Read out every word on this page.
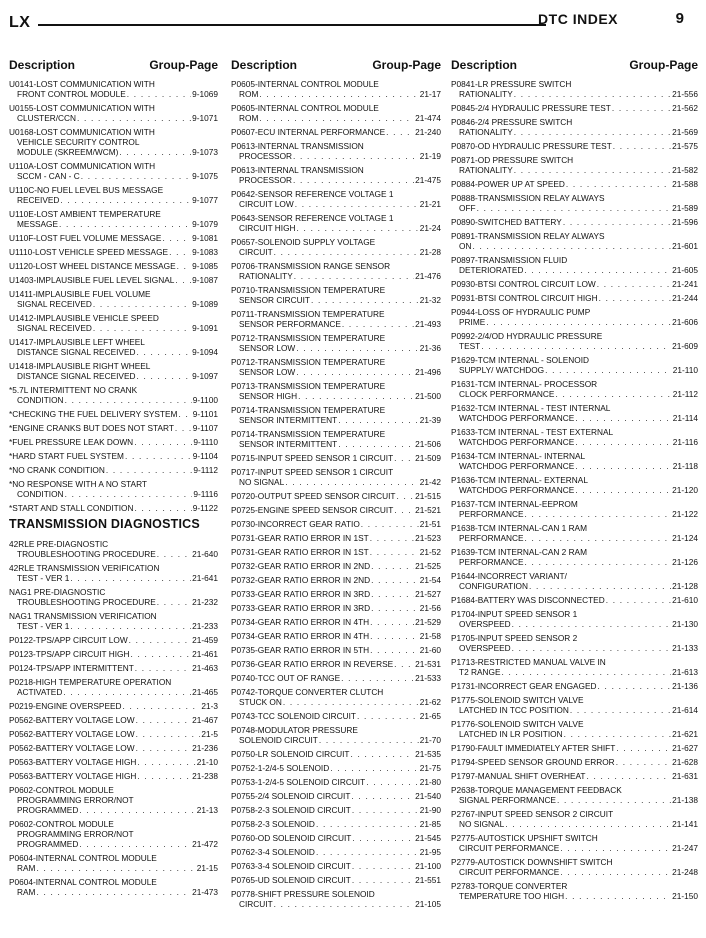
LX	DTC INDEX	9
Description	Group-Page
U0141-LOST COMMUNICATION WITH
FRONT CONTROL MODULE . . .	9-1069
U0155-LOST COMMUNICATION WITH
CLUSTER/CCN . . .	9-1071
U0168-LOST COMMUNICATION WITH
VEHICLE SECURITY CONTROL
MODULE (SKREEM/WCM) . . .	9-1073
U110A-LOST COMMUNICATION WITH
SCCM - CAN - C . . .	9-1075
U110C-NO FUEL LEVEL BUS MESSAGE
RECEIVED . . .	9-1077
U110E-LOST AMBIENT TEMPERATURE
MESSAGE . . .	9-1079
U110F-LOST FUEL VOLUME MESSAGE . . .	9-1081
U1110-LOST VEHICLE SPEED MESSAGE . . .	9-1083
U1120-LOST WHEEL DISTANCE MESSAGE . . . 9-1085
U1403-IMPLAUSIBLE FUEL LEVEL SIGNAL . . . 9-1087
U1411-IMPLAUSIBLE FUEL VOLUME
SIGNAL RECEIVED . . .	9-1089
U1412-IMPLAUSIBLE VEHICLE SPEED
SIGNAL RECEIVED . . .	9-1091
U1417-IMPLAUSIBLE LEFT WHEEL
DISTANCE SIGNAL RECEIVED . . .	9-1094
U1418-IMPLAUSIBLE RIGHT WHEEL
DISTANCE SIGNAL RECEIVED . . .	9-1097
*5.7L INTERMITTENT NO CRANK
CONDITION . . .	9-1100
*CHECKING THE FUEL DELIVERY SYSTEM . . . 9-1101
*ENGINE CRANKS BUT DOES NOT START . . . 9-1107
*FUEL PRESSURE LEAK DOWN . . .	9-1110
*HARD START FUEL SYSTEM . . .	9-1104
*NO CRANK CONDITION . . .	9-1112
*NO RESPONSE WITH A NO START
CONDITION . . .	9-1116
*START AND STALL CONDITION . . .	9-1122
TRANSMISSION DIAGNOSTICS
42RLE PRE-DIAGNOSTIC
TROUBLESHOOTING PROCEDURE . . .	21-640
42RLE TRANSMISSION VERIFICATION
TEST - VER 1 . . .	21-641
NAG1 PRE-DIAGNOSTIC
TROUBLESHOOTING PROCEDURE . . .	21-232
NAG1 TRANSMISSION VERIFICATION
TEST - VER 1 . . .	21-233
P0122-TPS/APP CIRCUIT LOW . . .	21-459
P0123-TPS/APP CIRCUIT HIGH . . .	21-461
P0124-TPS/APP INTERMITTENT . . .	21-463
P0218-HIGH TEMPERATURE OPERATION
ACTIVATED . . .	21-465
P0219-ENGINE OVERSPEED . . .	21-3
P0562-BATTERY VOLTAGE LOW . . .	21-467
P0562-BATTERY VOLTAGE LOW . . .	21-5
P0562-BATTERY VOLTAGE LOW . . .	21-236
P0563-BATTERY VOLTAGE HIGH . . .	21-10
P0563-BATTERY VOLTAGE HIGH . . .	21-238
P0602-CONTROL MODULE
PROGRAMMING ERROR/NOT
PROGRAMMED . . .	21-13
P0602-CONTROL MODULE
PROGRAMMING ERROR/NOT
PROGRAMMED . . .	21-472
P0604-INTERNAL CONTROL MODULE
RAM . . .	21-15
P0604-INTERNAL CONTROL MODULE
RAM . . .	21-473
Description	Group-Page
P0605-INTERNAL CONTROL MODULE
ROM . . .	21-17
P0605-INTERNAL CONTROL MODULE
ROM . . .	21-474
P0607-ECU INTERNAL PERFORMANCE . . .	21-240
P0613-INTERNAL TRANSMISSION
PROCESSOR . . .	21-19
P0613-INTERNAL TRANSMISSION
PROCESSOR . . .	21-475
P0642-SENSOR REFERENCE VOLTAGE 1
CIRCUIT LOW . . .	21-21
P0643-SENSOR REFERENCE VOLTAGE 1
CIRCUIT HIGH . . .	21-24
P0657-SOLENOID SUPPLY VOLTAGE
CIRCUIT . . .	21-28
P0706-TRANSMISSION RANGE SENSOR
RATIONALITY . . .	21-476
P0710-TRANSMISSION TEMPERATURE
SENSOR CIRCUIT . . .	21-32
P0711-TRANSMISSION TEMPERATURE
SENSOR PERFORMANCE . . .	21-493
P0712-TRANSMISSION TEMPERATURE
SENSOR LOW . . .	21-36
P0712-TRANSMISSION TEMPERATURE
SENSOR LOW . . .	21-496
P0713-TRANSMISSION TEMPERATURE
SENSOR HIGH . . .	21-500
P0714-TRANSMISSION TEMPERATURE
SENSOR INTERMITTENT . . .	21-39
P0714-TRANSMISSION TEMPERATURE
SENSOR INTERMITTENT . . .	21-506
P0715-INPUT SPEED SENSOR 1 CIRCUIT . . .	21-509
P0717-INPUT SPEED SENSOR 1 CIRCUIT
NO SIGNAL . . .	21-42
P0720-OUTPUT SPEED SENSOR CIRCUIT . . . 21-515
P0725-ENGINE SPEED SENSOR CIRCUIT . . .	21-521
P0730-INCORRECT GEAR RATIO . . .	21-51
P0731-GEAR RATIO ERROR IN 1ST . . .	21-523
P0731-GEAR RATIO ERROR IN 1ST . . .	21-52
P0732-GEAR RATIO ERROR IN 2ND . . .	21-525
P0732-GEAR RATIO ERROR IN 2ND . . .	21-54
P0733-GEAR RATIO ERROR IN 3RD . . .	21-527
P0733-GEAR RATIO ERROR IN 3RD . . .	21-56
P0734-GEAR RATIO ERROR IN 4TH . . .	21-529
P0734-GEAR RATIO ERROR IN 4TH . . .	21-58
P0735-GEAR RATIO ERROR IN 5TH . . .	21-60
P0736-GEAR RATIO ERROR IN REVERSE . . .	21-531
P0740-TCC OUT OF RANGE . . .	21-533
P0742-TORQUE CONVERTER CLUTCH
STUCK ON . . .	21-62
P0743-TCC SOLENOID CIRCUIT . . .	21-65
P0748-MODULATOR PRESSURE
SOLENOID CIRCUIT . . .	21-70
P0750-LR SOLENOID CIRCUIT . . .	21-535
P0752-1-2/4-5 SOLENOID . . .	21-75
P0753-1-2/4-5 SOLENOID CIRCUIT . . .	21-80
P0755-2/4 SOLENOID CIRCUIT . . .	21-540
P0758-2-3 SOLENOID CIRCUIT . . .	21-90
P0758-2-3 SOLENOID . . .	21-85
P0760-OD SOLENOID CIRCUIT . . .	21-545
P0762-3-4 SOLENOID . . .	21-95
P0763-3-4 SOLENOID CIRCUIT . . .	21-100
P0765-UD SOLENOID CIRCUIT . . .	21-551
P0778-SHIFT PRESSURE SOLENOID
CIRCUIT . . .	21-105
Description	Group-Page
P0841-LR PRESSURE SWITCH
RATIONALITY . . .	21-556
P0845-2/4 HYDRAULIC PRESSURE TEST . . .	21-562
P0846-2/4 PRESSURE SWITCH
RATIONALITY . . .	21-569
P0870-OD HYDRAULIC PRESSURE TEST . . .	21-575
P0871-OD PRESSURE SWITCH
RATIONALITY . . .	21-582
P0884-POWER UP AT SPEED . . .	21-588
P0888-TRANSMISSION RELAY ALWAYS
OFF . . .	21-589
P0890-SWITCHED BATTERY . . .	21-596
P0891-TRANSMISSION RELAY ALWAYS
ON . . .	21-601
P0897-TRANSMISSION FLUID
DETERIORATED . . .	21-605
P0930-BTSI CONTROL CIRCUIT LOW . . .	21-241
P0931-BTSI CONTROL CIRCUIT HIGH . . .	21-244
P0944-LOSS OF HYDRAULIC PUMP
PRIME . . .	21-606
P0992-2/4/OD HYDRAULIC PRESSURE
TEST . . .	21-609
P1629-TCM INTERNAL - SOLENOID
SUPPLY/ WATCHDOG . . .	21-110
P1631-TCM INTERNAL- PROCESSOR
CLOCK PERFORMANCE . . .	21-112
P1632-TCM INTERNAL - TEST INTERNAL
WATCHDOG PERFORMANCE . . .	21-114
P1633-TCM INTERNAL - TEST EXTERNAL
WATCHDOG PERFORMANCE . . .	21-116
P1634-TCM INTERNAL- INTERNAL
WATCHDOG PERFORMANCE . . .	21-118
P1636-TCM INTERNAL- EXTERNAL
WATCHDOG PERFORMANCE . . .	21-120
P1637-TCM INTERNAL-EEPROM
PERFORMANCE . . .	21-122
P1638-TCM INTERNAL-CAN 1 RAM
PERFORMANCE . . .	21-124
P1639-TCM INTERNAL-CAN 2 RAM
PERFORMANCE . . .	21-126
P1644-INCORRECT VARIANT/
CONFIGURATION . . .	21-128
P1684-BATTERY WAS DISCONNECTED . . .	21-610
P1704-INPUT SPEED SENSOR 1
OVERSPEED . . .	21-130
P1705-INPUT SPEED SENSOR 2
OVERSPEED . . .	21-133
P1713-RESTRICTED MANUAL VALVE IN
T2 RANGE . . .	21-613
P1731-INCORRECT GEAR ENGAGED . . .	21-136
P1775-SOLENOID SWITCH VALVE
LATCHED IN TCC POSITION . . .	21-614
P1776-SOLENOID SWITCH VALVE
LATCHED IN LR POSITION . . .	21-621
P1790-FAULT IMMEDIATELY AFTER SHIFT . . .	21-627
P1794-SPEED SENSOR GROUND ERROR . . .	21-628
P1797-MANUAL SHIFT OVERHEAT . . .	21-631
P2638-TORQUE MANAGEMENT FEEDBACK
SIGNAL PERFORMANCE . . .	21-138
P2767-INPUT SPEED SENSOR 2 CIRCUIT
NO SIGNAL . . .	21-141
P2775-AUTOSTICK UPSHIFT SWITCH
CIRCUIT PERFORMANCE . . .	21-247
P2779-AUTOSTICK DOWNSHIFT SWITCH
CIRCUIT PERFORMANCE . . .	21-248
P2783-TORQUE CONVERTER
TEMPERATURE TOO HIGH . . .	21-150
